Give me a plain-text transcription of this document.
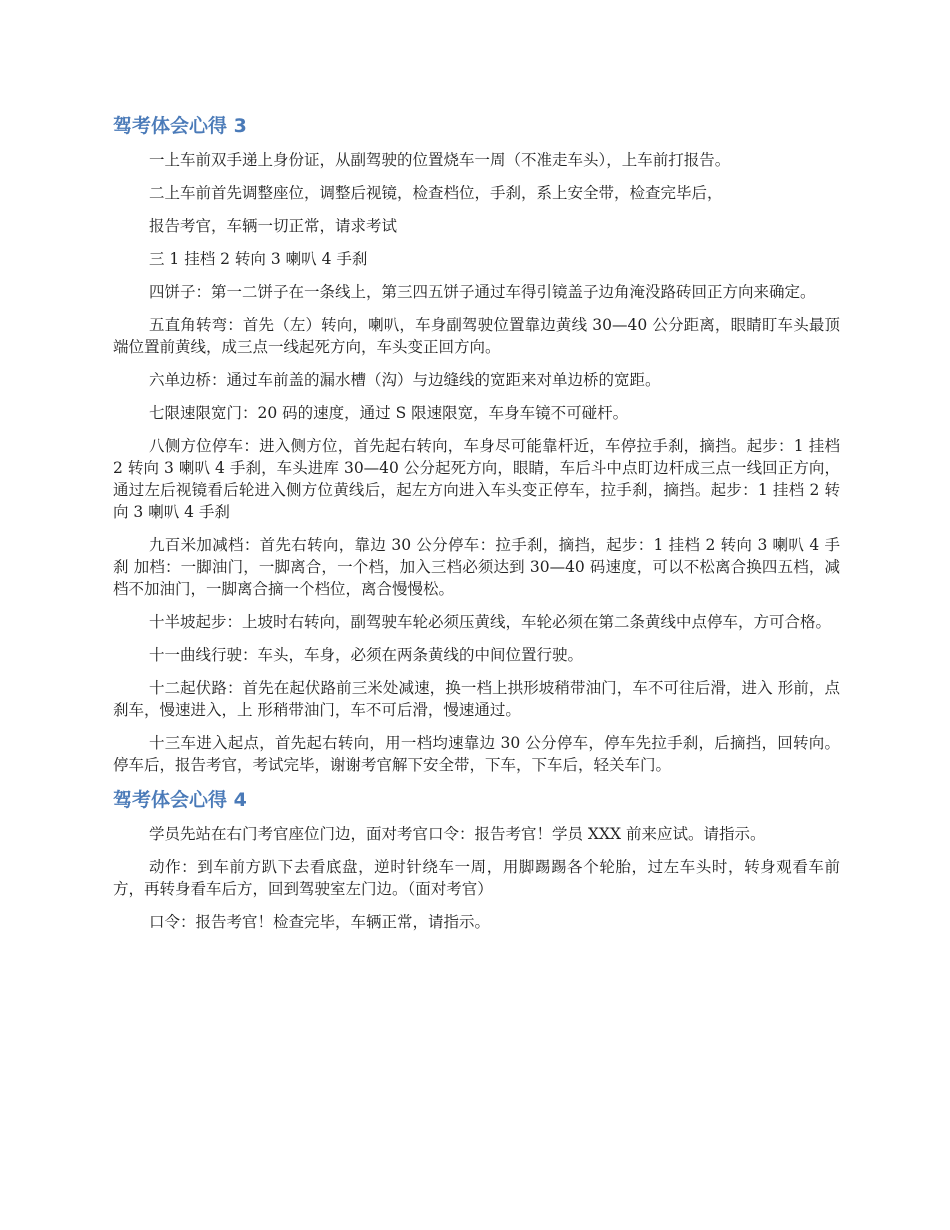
驾考体会心得 3

一上车前双手递上身份证，从副驾驶的位置烧车一周（不准走车头），上车前打报告。

二上车前首先调整座位，调整后视镜，检查档位，手刹，系上安全带，检查完毕后，

报告考官，车辆一切正常，请求考试

三 1 挂档 2 转向 3 喇叭 4 手刹

四饼子：第一二饼子在一条线上，第三四五饼子通过车得引镜盖子边角淹没路砖回正方向来确定。

五直角转弯：首先（左）转向，喇叭，车身副驾驶位置靠边黄线 30—40 公分距离，眼睛盯车头最顶端位置前黄线，成三点一线起死方向，车头变正回方向。

六单边桥：通过车前盖的漏水槽（沟）与边缝线的宽距来对单边桥的宽距。

七限速限宽门：20 码的速度，通过 S 限速限宽，车身车镜不可碰杆。

八侧方位停车：进入侧方位，首先起右转向，车身尽可能靠杆近，车停拉手刹，摘挡。起步：1 挂档 2 转向 3 喇叭 4 手刹，车头进库 30—40 公分起死方向，眼睛，车后斗中点盯边杆成三点一线回正方向，通过左后视镜看后轮进入侧方位黄线后，起左方向进入车头变正停车，拉手刹，摘挡。起步：1 挂档 2 转向 3 喇叭 4 手刹

九百米加减档：首先右转向，靠边 30 公分停车：拉手刹，摘挡，起步：1 挂档 2 转向 3 喇叭 4 手刹 加档：一脚油门，一脚离合，一个档，加入三档必须达到 30—40 码速度，可以不松离合换四五档，减档不加油门，一脚离合摘一个档位，离合慢慢松。

十半坡起步：上坡时右转向，副驾驶车轮必须压黄线，车轮必须在第二条黄线中点停车，方可合格。

十一曲线行驶：车头，车身，必须在两条黄线的中间位置行驶。

十二起伏路：首先在起伏路前三米处减速，换一档上拱形坡稍带油门，车不可往后滑，进入 形前，点刹车，慢速进入，上 形稍带油门，车不可后滑，慢速通过。

十三车进入起点，首先起右转向，用一档均速靠边 30 公分停车，停车先拉手刹，后摘挡，回转向。停车后，报告考官，考试完毕，谢谢考官解下安全带，下车，下车后，轻关车门。

驾考体会心得 4

学员先站在右门考官座位门边，面对考官口令：报告考官！学员 XXX 前来应试。请指示。

动作：到车前方趴下去看底盘，逆时针绕车一周，用脚踢踢各个轮胎，过左车头时，转身观看车前方，再转身看车后方，回到驾驶室左门边。（面对考官）

口令：报告考官！检查完毕，车辆正常，请指示。
